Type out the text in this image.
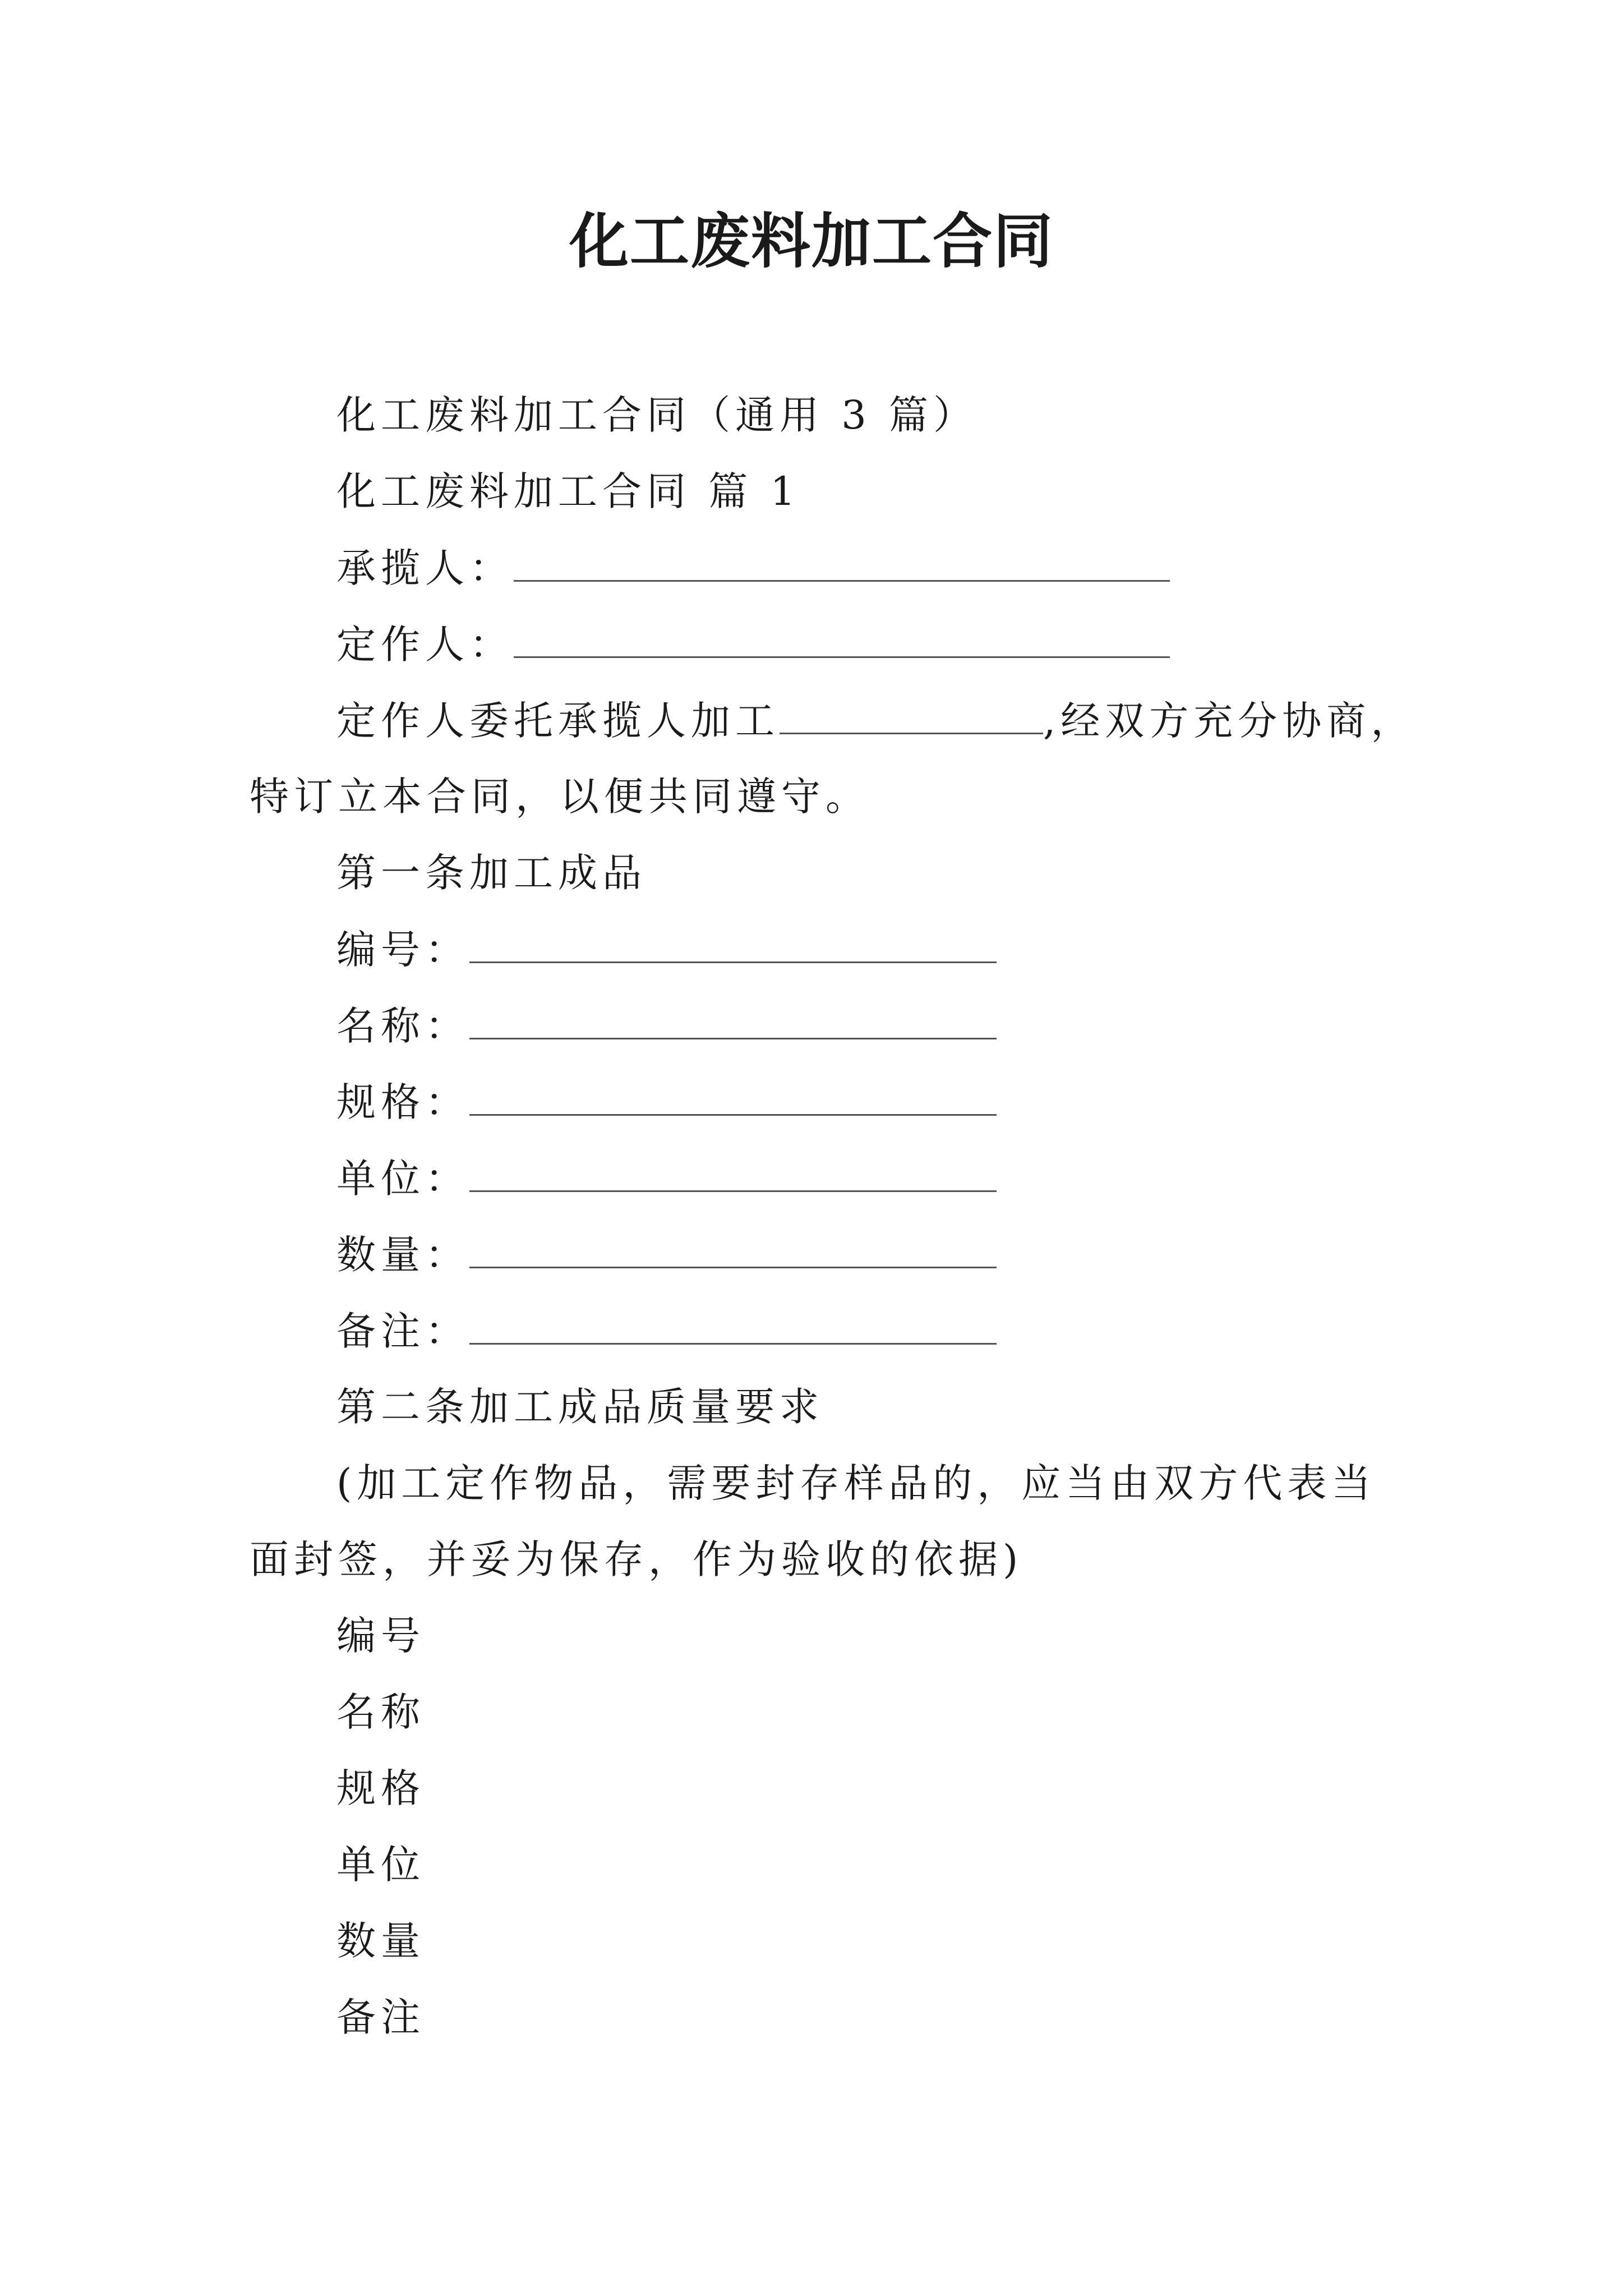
化工废料加工合同
化工废料加工合同（通用 3 篇）
化工废料加工合同 篇 1
承揽人：
定作人：
定作人委托承揽人加工	,经双方充分协商，
特订立本合同，以便共同遵守。
第一条加工成品
编号：
名称：
规格：
单位：
数量：
备注：
第二条加工成品质量要求
(加工定作物品，需要封存样品的，应当由双方代表当
面封签，并妥为保存，作为验收的依据)
编号
名称
规格
单位
数量
备注
